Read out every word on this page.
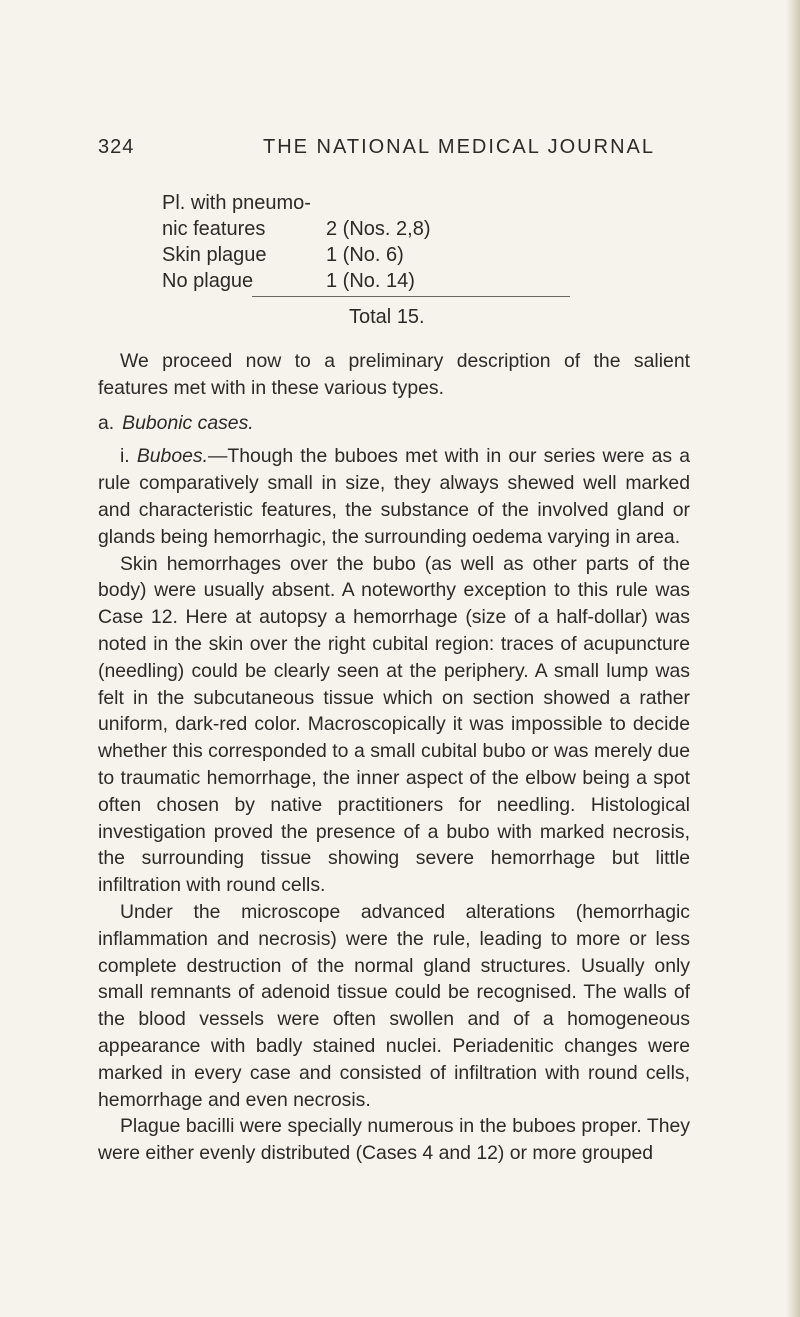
324	THE NATIONAL MEDICAL JOURNAL
Pl. with pneumo-
nic features	2 (Nos. 2,8)
Skin plague	1 (No. 6)
No plague	1 (No. 14)
Total 15.

We proceed now to a preliminary description of the salient features met with in these various types.

a. Bubonic cases.

i. Buboes.—Though the buboes met with in our series were as a rule comparatively small in size, they always shewed well marked and characteristic features, the substance of the involved gland or glands being hemorrhagic, the surrounding oedema varying in area.

Skin hemorrhages over the bubo (as well as other parts of the body) were usually absent. A noteworthy exception to this rule was Case 12. Here at autopsy a hemorrhage (size of a half-dollar) was noted in the skin over the right cubital region: traces of acupuncture (needling) could be clearly seen at the periphery. A small lump was felt in the subcutaneous tissue which on section showed a rather uniform, dark-red color. Macroscopically it was impossible to decide whether this corresponded to a small cubital bubo or was merely due to traumatic hemorrhage, the inner aspect of the elbow being a spot often chosen by native practitioners for needling. Histological investigation proved the presence of a bubo with marked necrosis, the surrounding tissue showing severe hemorrhage but little infiltration with round cells.

Under the microscope advanced alterations (hemorrhagic inflammation and necrosis) were the rule, leading to more or less complete destruction of the normal gland structures. Usually only small remnants of adenoid tissue could be recognised. The walls of the blood vessels were often swollen and of a homogeneous appearance with badly stained nuclei. Periadenitic changes were marked in every case and consisted of infiltration with round cells, hemorrhage and even necrosis.

Plague bacilli were specially numerous in the buboes proper. They were either evenly distributed (Cases 4 and 12) or more grouped
